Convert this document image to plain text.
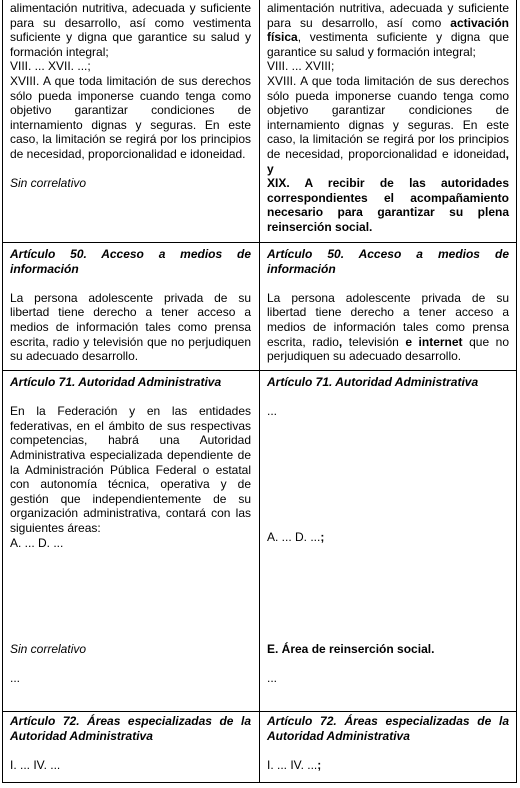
alimentación nutritiva, adecuada y suficiente para su desarrollo, así como vestimenta suficiente y digna que garantice su salud y formación integral;

VIII. ... XVII. ...;

XVIII. A que toda limitación de sus derechos sólo pueda imponerse cuando tenga como objetivo garantizar condiciones de internamiento dignas y seguras. En este caso, la limitación se regirá por los principios de necesidad, proporcionalidad e idoneidad.

Sin correlativo

alimentación nutritiva, adecuada y suficiente para su desarrollo, así como activación física, vestimenta suficiente y digna que garantice su salud y formación integral;

VIII. ... XVIII;

XVIII. A que toda limitación de sus derechos sólo pueda imponerse cuando tenga como objetivo garantizar condiciones de internamiento dignas y seguras. En este caso, la limitación se regirá por los principios de necesidad, proporcionalidad e idoneidad, y

XIX. A recibir de las autoridades correspondientes el acompañamiento necesario para garantizar su plena reinserción social.

Artículo 50. Acceso a medios de información

La persona adolescente privada de su libertad tiene derecho a tener acceso a medios de información tales como prensa escrita, radio y televisión que no perjudiquen su adecuado desarrollo.

Artículo 50. Acceso a medios de información

La persona adolescente privada de su libertad tiene derecho a tener acceso a medios de información tales como prensa escrita, radio, televisión e internet que no perjudiquen su adecuado desarrollo.

Artículo 71. Autoridad Administrativa

En la Federación y en las entidades federativas, en el ámbito de sus respectivas competencias, habrá una Autoridad Administrativa especializada dependiente de la Administración Pública Federal o estatal con autonomía técnica, operativa y de gestión que independientemente de su organización administrativa, contará con las siguientes áreas:

A. ... D. ...

Sin correlativo

...

Artículo 71. Autoridad Administrativa

...

A. ... D. ...;

E. Área de reinserción social.

...

Artículo 72. Áreas especializadas de la Autoridad Administrativa

I. ... IV. ...

Artículo 72. Áreas especializadas de la Autoridad Administrativa

I. ... IV. ...;
